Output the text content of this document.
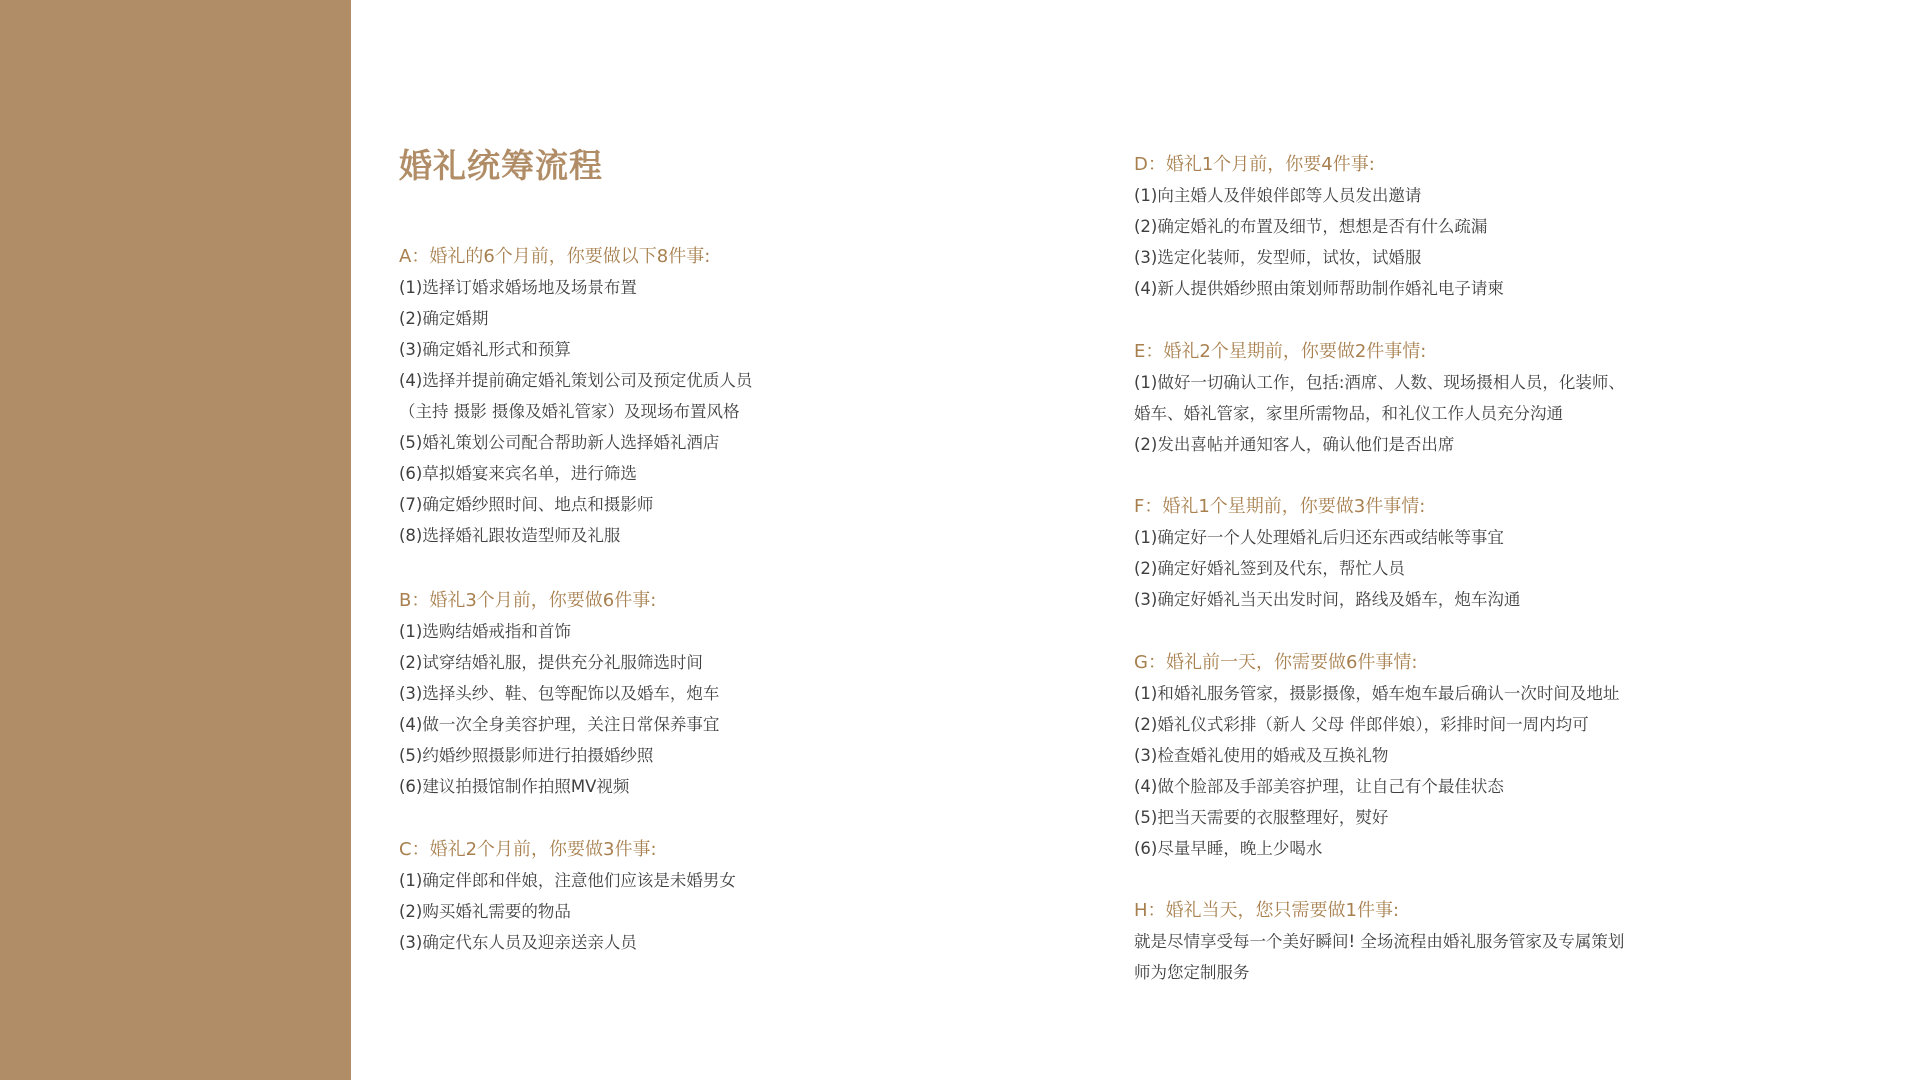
婚礼统筹流程
A：婚礼的6个月前，你要做以下8件事:
(1)选择订婚求婚场地及场景布置
(2)确定婚期
(3)确定婚礼形式和预算
(4)选择并提前确定婚礼策划公司及预定优质人员
（主持 摄影 摄像及婚礼管家）及现场布置风格
(5)婚礼策划公司配合帮助新人选择婚礼酒店
(6)草拟婚宴来宾名单，进行筛选
(7)确定婚纱照时间、地点和摄影师
(8)选择婚礼跟妆造型师及礼服
B：婚礼3个月前，你要做6件事:
(1)选购结婚戒指和首饰
(2)试穿结婚礼服，提供充分礼服筛选时间
(3)选择头纱、鞋、包等配饰以及婚车，炮车
(4)做一次全身美容护理，关注日常保养事宜
(5)约婚纱照摄影师进行拍摄婚纱照
(6)建议拍摄馆制作拍照MV视频
C：婚礼2个月前，你要做3件事:
(1)确定伴郎和伴娘，注意他们应该是未婚男女
(2)购买婚礼需要的物品
(3)确定代东人员及迎亲送亲人员
D：婚礼1个月前，你要4件事:
(1)向主婚人及伴娘伴郎等人员发出邀请
(2)确定婚礼的布置及细节，想想是否有什么疏漏
(3)选定化装师，发型师，试妆，试婚服
(4)新人提供婚纱照由策划师帮助制作婚礼电子请柬
E：婚礼2个星期前，你要做2件事情:
(1)做好一切确认工作，包括:酒席、人数、现场摄相人员，化装师、
婚车、婚礼管家，家里所需物品，和礼仪工作人员充分沟通
(2)发出喜帖并通知客人，确认他们是否出席
F：婚礼1个星期前，你要做3件事情:
(1)确定好一个人处理婚礼后归还东西或结帐等事宜
(2)确定好婚礼签到及代东，帮忙人员
(3)确定好婚礼当天出发时间，路线及婚车，炮车沟通
G：婚礼前一天，你需要做6件事情:
(1)和婚礼服务管家，摄影摄像，婚车炮车最后确认一次时间及地址
(2)婚礼仪式彩排（新人 父母 伴郎伴娘），彩排时间一周内均可
(3)检查婚礼使用的婚戒及互换礼物
(4)做个脸部及手部美容护理，让自己有个最佳状态
(5)把当天需要的衣服整理好，熨好
(6)尽量早睡，晚上少喝水
H：婚礼当天，您只需要做1件事:
就是尽情享受每一个美好瞬间! 全场流程由婚礼服务管家及专属策划
师为您定制服务
